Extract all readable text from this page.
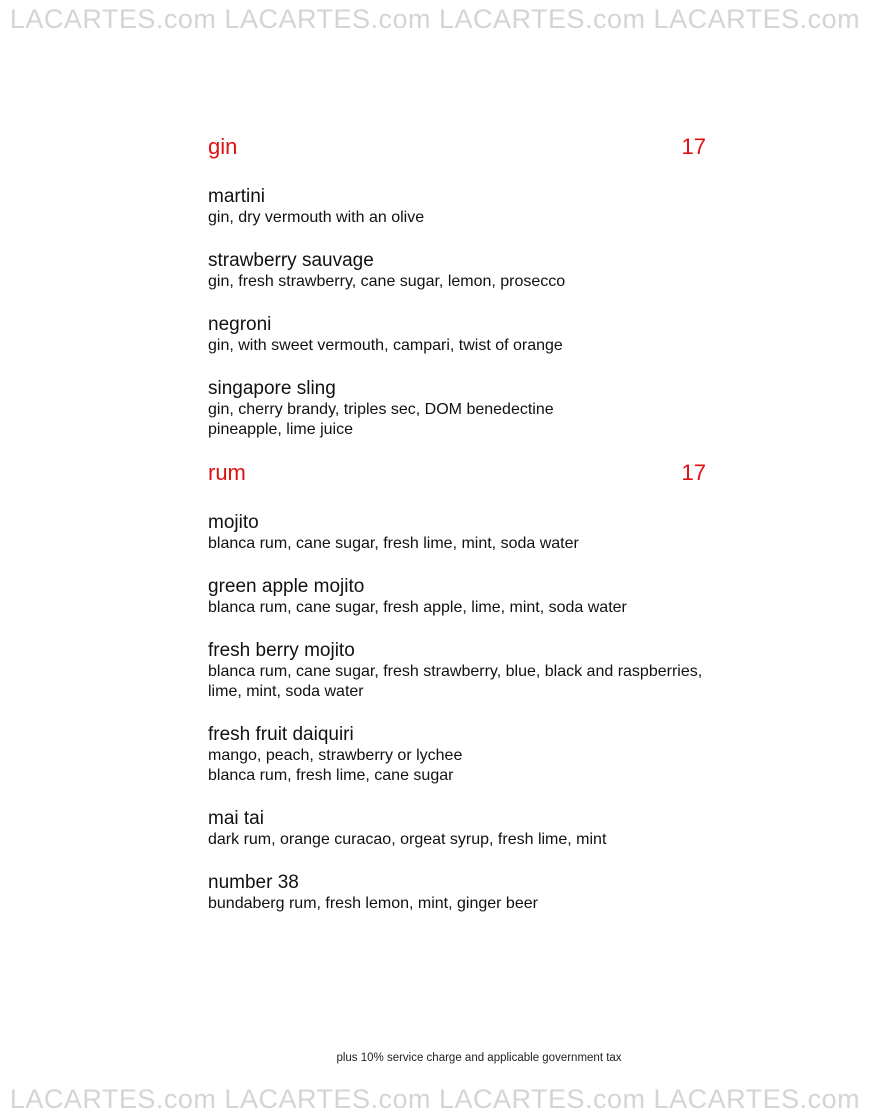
LACARTES.com LACARTES.com LACARTES.com LACARTES.com
gin	17
martini
gin, dry vermouth with an olive
strawberry sauvage
gin, fresh strawberry, cane sugar, lemon, prosecco
negroni
gin, with sweet vermouth, campari, twist of orange
singapore sling
gin, cherry brandy, triples sec, DOM benedectine
pineapple, lime juice
rum	17
mojito
blanca rum, cane sugar, fresh lime, mint, soda water
green apple mojito
blanca rum, cane sugar, fresh apple, lime, mint, soda water
fresh berry mojito
blanca rum, cane sugar, fresh strawberry, blue, black and raspberries,
lime, mint, soda water
fresh fruit daiquiri
mango, peach, strawberry or lychee
blanca rum, fresh lime, cane sugar
mai tai
dark rum, orange curacao, orgeat syrup, fresh lime, mint
number 38
bundaberg rum, fresh lemon, mint, ginger beer
plus 10% service charge and applicable government tax
LACARTES.com LACARTES.com LACARTES.com LACARTES.com
